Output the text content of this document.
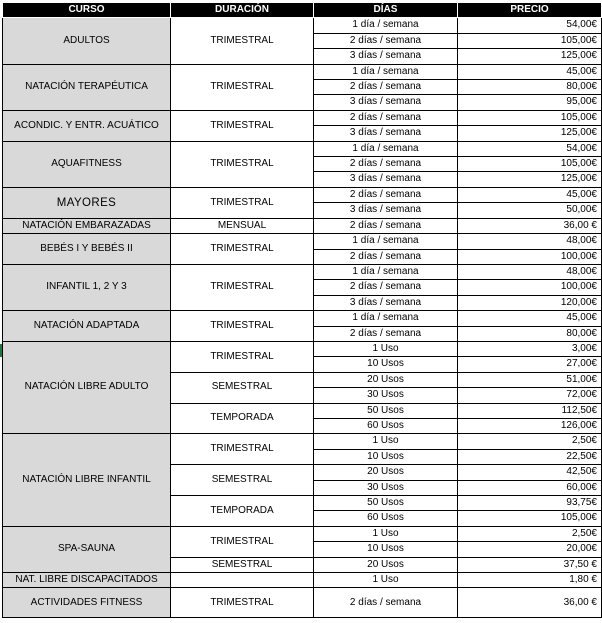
CURSO	DURACIÓN	DÍAS	PRECIO
ADULTOS	TRIMESTRAL	1 día / semana	54,00€
		2 días / semana	105,00€
		3 días / semana	125,00€
NATACIÓN TERAPÉUTICA	TRIMESTRAL	1 día / semana	45,00€
		2 días / semana	80,00€
		3 días / semana	95,00€
ACONDIC. Y ENTR. ACUÁTICO	TRIMESTRAL	2 días / semana	105,00€
		3 días / semana	125,00€
AQUAFITNESS	TRIMESTRAL	1 día / semana	54,00€
		2 días / semana	105,00€
		3 días / semana	125,00€
MAYORES	TRIMESTRAL	2 días / semana	45,00€
		3 días / semana	50,00€
NATACIÓN EMBARAZADAS	MENSUAL	2 días / semana	36,00 €
BEBÉS I Y BEBÉS II	TRIMESTRAL	1 día / semana	48,00€
		2 días / semana	100,00€
INFANTIL 1, 2 Y 3	TRIMESTRAL	1 día / semana	48,00€
		2 días / semana	100,00€
		3 días / semana	120,00€
NATACIÓN ADAPTADA	TRIMESTRAL	1 día / semana	45,00€
		2 días / semana	80,00€
NATACIÓN LIBRE ADULTO	TRIMESTRAL	1 Uso	3,00€
		10 Usos	27,00€
	SEMESTRAL	20 Usos	51,00€
		30 Usos	72,00€
	TEMPORADA	50 Usos	112,50€
		60 Usos	126,00€
NATACIÓN LIBRE INFANTIL	TRIMESTRAL	1 Uso	2,50€
		10 Usos	22,50€
	SEMESTRAL	20 Usos	42,50€
		30 Usos	60,00€
	TEMPORADA	50 Usos	93,75€
		60 Usos	105,00€
SPA-SAUNA	TRIMESTRAL	1 Uso	2,50€
		10 Usos	20,00€
	SEMESTRAL	20 Usos	37,50 €
NAT. LIBRE DISCAPACITADOS		1 Uso	1,80 €
ACTIVIDADES FITNESS	TRIMESTRAL	2 días / semana	36,00 €
